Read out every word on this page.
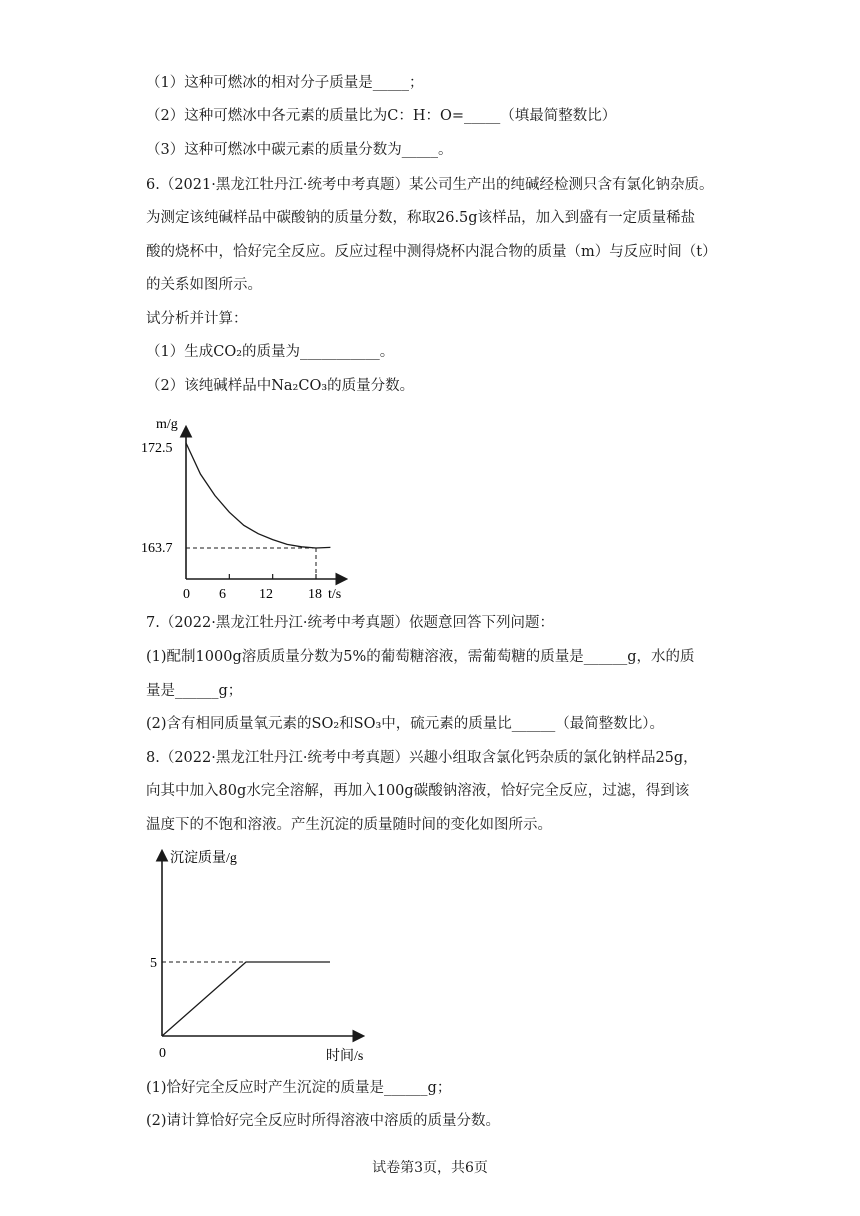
（1）这种可燃冰的相对分子质量是_____；
（2）这种可燃冰中各元素的质量比为C：H：O=_____（填最简整数比）
（3）这种可燃冰中碳元素的质量分数为_____。
6.（2021·黑龙江牡丹江·统考中考真题）某公司生产出的纯碱经检测只含有氯化钠杂质。
为测定该纯碱样品中碳酸钠的质量分数，称取26.5g该样品，加入到盛有一定质量稀盐
酸的烧杯中，恰好完全反应。反应过程中测得烧杯内混合物的质量（m）与反应时间（t）
的关系如图所示。
试分析并计算：
（1）生成CO₂的质量为___________。
（2）该纯碱样品中Na₂CO₃的质量分数。
m/g
t/s
172.5
163.7
0 6 12	18
7.（2022·黑龙江牡丹江·统考中考真题）依题意回答下列问题：
(1)配制1000g溶质质量分数为5%的葡萄糖溶液，需葡萄糖的质量是______g，水的质
量是______g；
(2)含有相同质量氧元素的SO₂和SO₃中，硫元素的质量比______（最简整数比）。
8.（2022·黑龙江牡丹江·统考中考真题）兴趣小组取含氯化钙杂质的氯化钠样品25g，
向其中加入80g水完全溶解，再加入100g碳酸钠溶液，恰好完全反应，过滤，得到该
温度下的不饱和溶液。产生沉淀的质量随时间的变化如图所示。
沉淀质量/g
时间/s
5
0
(1)恰好完全反应时产生沉淀的质量是______g；
(2)请计算恰好完全反应时所得溶液中溶质的质量分数。
试卷第3页，共6页
